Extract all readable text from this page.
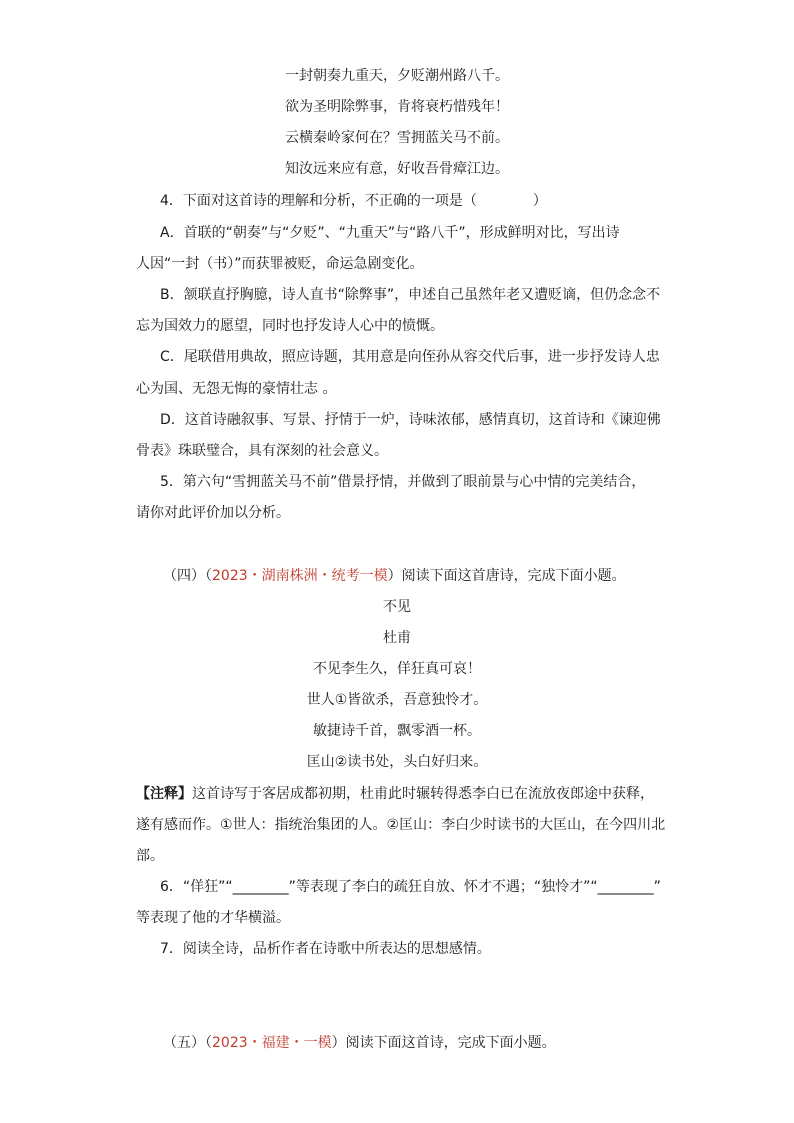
一封朝奏九重天，夕贬潮州路八千。
欲为圣明除弊事，肯将衰朽惜残年！
云横秦岭家何在？雪拥蓝关马不前。
知汝远来应有意，好收吾骨瘴江边。
4．下面对这首诗的理解和分析，不正确的一项是（　　　　）
A．首联的“朝奏”与“夕贬”、“九重天”与“路八千”，形成鲜明对比，写出诗
人因“一封（书）”而获罪被贬，命运急剧变化。
B．颔联直抒胸臆，诗人直书“除弊事”，申述自己虽然年老又遭贬谪，但仍念念不
忘为国效力的愿望，同时也抒发诗人心中的愤慨。
C．尾联借用典故，照应诗题，其用意是向侄孙从容交代后事，进一步抒发诗人忠
心为国、无怨无悔的豪情壮志 。
D．这首诗融叙事、写景、抒情于一炉，诗味浓郁，感情真切，这首诗和《谏迎佛
骨表》珠联璧合，具有深刻的社会意义。
5．第六句“雪拥蓝关马不前”借景抒情，并做到了眼前景与心中情的完美结合，
请你对此评价加以分析。
（四）（2023・湖南株洲・统考一模）阅读下面这首唐诗，完成下面小题。
不见
杜甫
不见李生久，佯狂真可哀！
世人①皆欲杀，吾意独怜才。
敏捷诗千首，飘零酒一杯。
匡山②读书处，头白好归来。
【注释】这首诗写于客居成都初期，杜甫此时辗转得悉李白已在流放夜郎途中获释，
遂有感而作。①世人：指统治集团的人。②匡山：李白少时读书的大匡山，在今四川北
部。
6．“佯狂”“________”等表现了李白的疏狂自放、怀才不遇；“独怜才”“________”
等表现了他的才华横溢。
7．阅读全诗，品析作者在诗歌中所表达的思想感情。
（五）（2023・福建・一模）阅读下面这首诗，完成下面小题。
